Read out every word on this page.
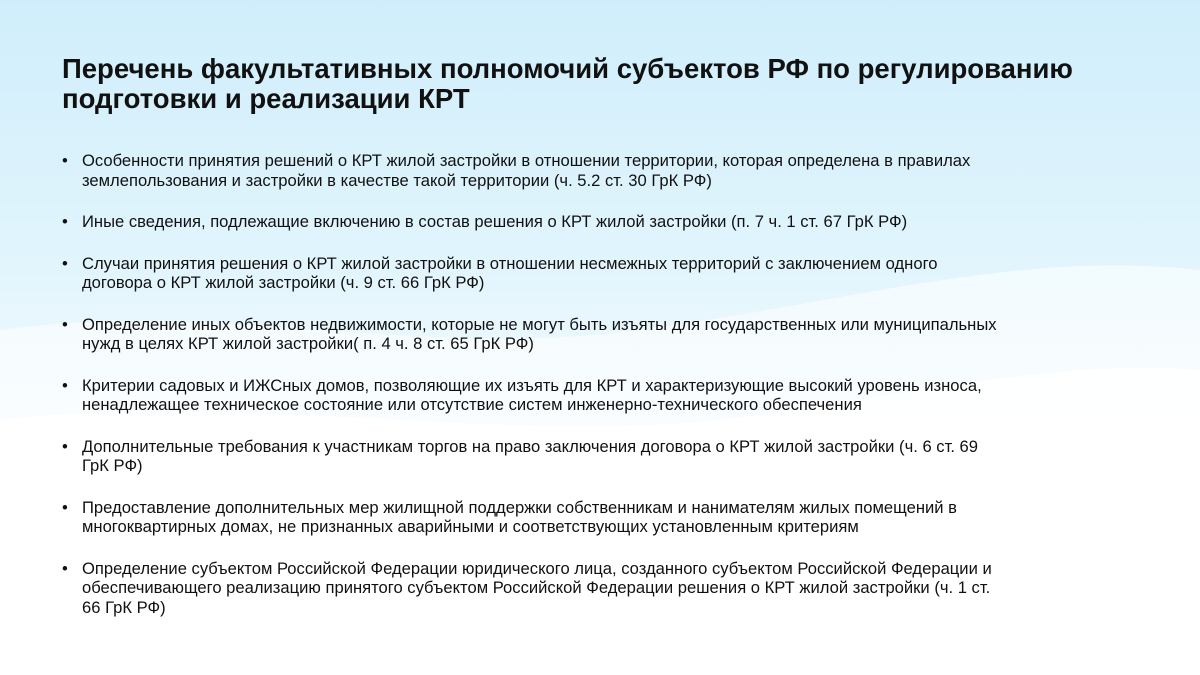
Перечень факультативных полномочий субъектов РФ по регулированию
подготовки и реализации КРТ
• Особенности принятия решений о КРТ жилой застройки в отношении территории, которая определена в правилах
землепользования и застройки в качестве такой территории (ч. 5.2 ст. 30 ГрК РФ)
• Иные сведения, подлежащие включению в состав решения о КРТ жилой застройки (п. 7 ч. 1 ст. 67 ГрК РФ)
• Случаи принятия решения о КРТ жилой застройки в отношении несмежных территорий с заключением одного
договора о КРТ жилой застройки (ч. 9 ст. 66 ГрК РФ)
• Определение иных объектов недвижимости, которые не могут быть изъяты для государственных или муниципальных
нужд в целях КРТ жилой застройки( п. 4 ч. 8 ст. 65 ГрК РФ)
• Критерии садовых и ИЖСных домов, позволяющие их изъять для КРТ и характеризующие высокий уровень износа,
ненадлежащее техническое состояние или отсутствие систем инженерно-технического обеспечения
• Дополнительные требования к участникам торгов на право заключения договора о КРТ жилой застройки (ч. 6 ст. 69
ГрК РФ)
• Предоставление дополнительных мер жилищной поддержки собственникам и нанимателям жилых помещений в
многоквартирных домах, не признанных аварийными и соответствующих установленным критериям
• Определение субъектом Российской Федерации юридического лица, созданного субъектом Российской Федерации и
обеспечивающего реализацию принятого субъектом Российской Федерации решения о КРТ жилой застройки (ч. 1 ст.
66 ГрК РФ)
